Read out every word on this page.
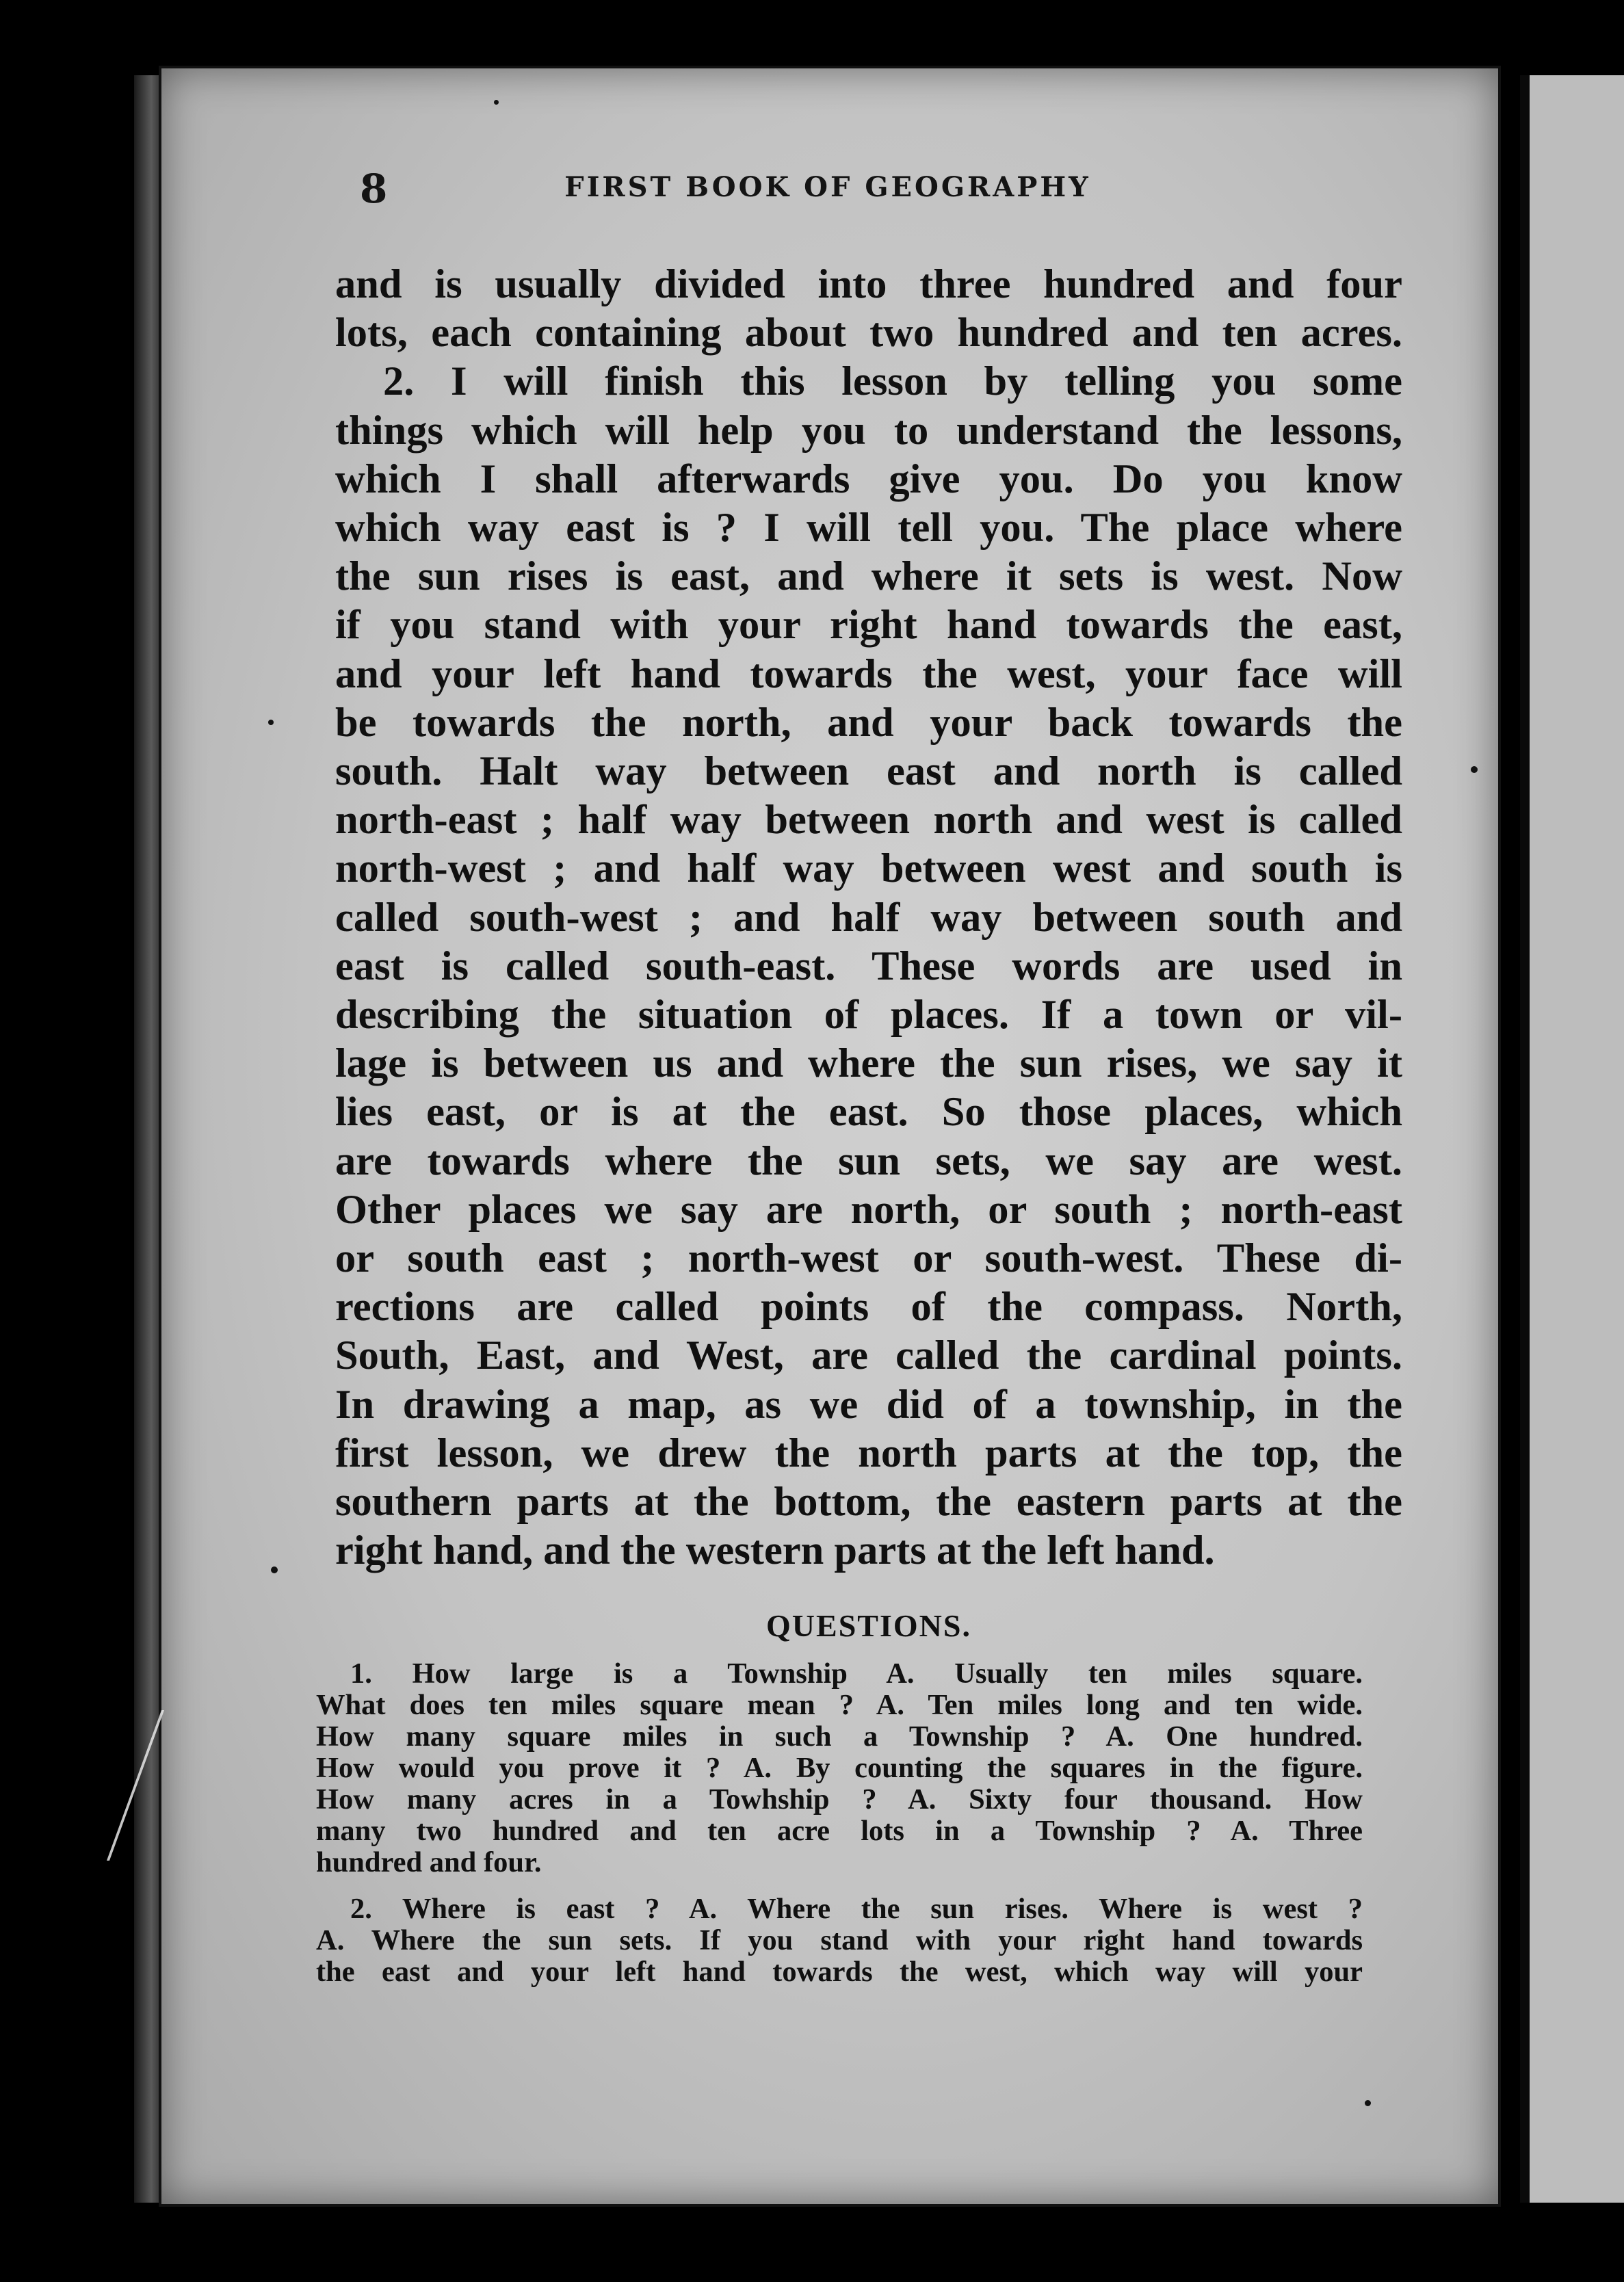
8	FIRST BOOK OF GEOGRAPHY
and is usually divided into three hundred and four
lots, each containing about two hundred and ten acres.
2. I will finish this lesson by telling you some
things which will help you to understand the lessons,
which I shall afterwards give you. Do you know
which way east is ? I will tell you. The place where
the sun rises is east, and where it sets is west. Now
if you stand with your right hand towards the east,
and your left hand towards the west, your face will
be towards the north, and your back towards the
south. Halt way between east and north is called
north-east ; half way between north and west is called
north-west ; and half way between west and south is
called south-west ; and half way between south and
east is called south-east. These words are used in
describing the situation of places. If a town or vil-
lage is between us and where the sun rises, we say it
lies east, or is at the east. So those places, which
are towards where the sun sets, we say are west.
Other places we say are north, or south ; north-east
or south east ; north-west or south-west. These di-
rections are called points of the compass. North,
South, East, and West, are called the cardinal points.
In drawing a map, as we did of a township, in the
first lesson, we drew the north parts at the top, the
southern parts at the bottom, the eastern parts at the
right hand, and the western parts at the left hand.
QUESTIONS.
1. How large is a Township A. Usually ten miles square.
What does ten miles square mean ? A. Ten miles long and ten wide.
How many square miles in such a Township ? A. One hundred.
How would you prove it ? A. By counting the squares in the figure.
How many acres in a Towhship ? A. Sixty four thousand. How
many two hundred and ten acre lots in a Township ? A. Three
hundred and four.
2. Where is east ? A. Where the sun rises. Where is west ?
A. Where the sun sets. If you stand with your right hand towards
the east and your left hand towards the west, which way will your
